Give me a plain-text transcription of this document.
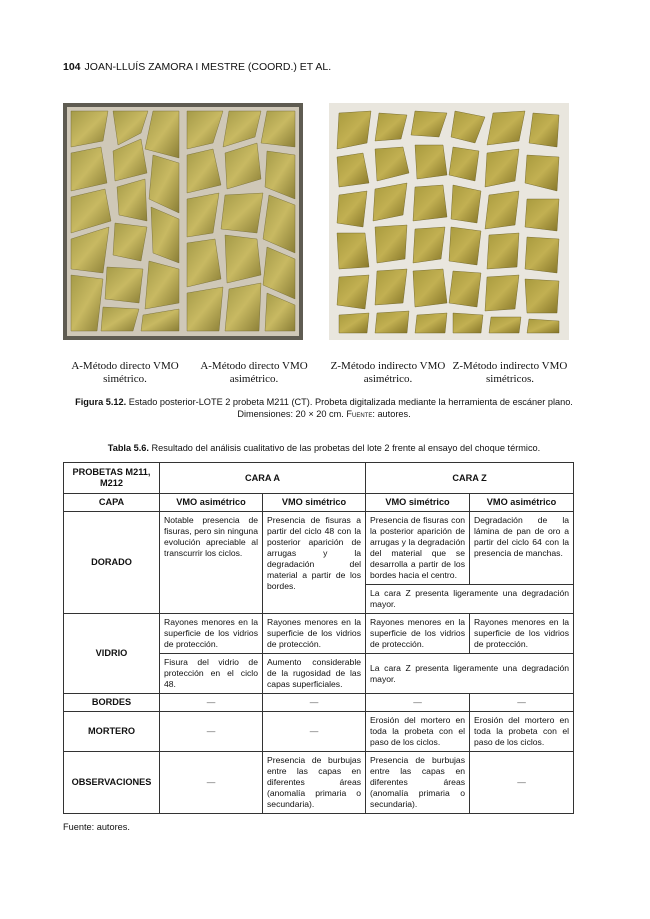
104 JOAN-LLUÍS ZAMORA I MESTRE (COORD.) ET AL.
A-Método directo VMO simétrico.
A-Método directo VMO asimétrico.
Z-Método indirecto VMO asimétrico.
Z-Método indirecto VMO simétricos.
Figura 5.12. Estado posterior-LOTE 2 probeta M211 (CT). Probeta digitalizada mediante la herramienta de escáner plano. Dimensiones: 20 × 20 cm. Fuente: autores.
Tabla 5.6. Resultado del análisis cualitativo de las probetas del lote 2 frente al ensayo del choque térmico.
PROBETAS M211, M212	CARA A		CARA Z	
CAPA	VMO asimétrico	VMO simétrico	VMO simétrico	VMO asimétrico
DORADO	Notable presencia de fisuras, pero sin ninguna evolución apreciable al transcurrir los ciclos.	Presencia de fisuras a partir del ciclo 48 con la posterior aparición de arrugas y la degradación del material a partir de los bordes.	Presencia de fisuras con la posterior aparición de arrugas y la degradación del material que se desarrolla a partir de los bordes hacia el centro.	Degradación de la lámina de pan de oro a partir del ciclo 64 con la presencia de manchas.
			La cara Z presenta ligeramente una degradación mayor.	
VIDRIO	Rayones menores en la superficie de los vidrios de protección.	Rayones menores en la superficie de los vidrios de protección.	Rayones menores en la superficie de los vidrios de protección.	Rayones menores en la superficie de los vidrios de protección.
	Fisura del vidrio de protección en el ciclo 48.	Aumento considerable de la rugosidad de las capas superficiales.	La cara Z presenta ligeramente una degradación mayor.	
BORDES	—	—	—	—
MORTERO	—	—	Erosión del mortero en toda la probeta con el paso de los ciclos.	Erosión del mortero en toda la probeta con el paso de los ciclos.
OBSERVACIONES	—	Presencia de burbujas entre las capas en diferentes áreas (anomalía primaria o secundaria).	Presencia de burbujas entre las capas en diferentes áreas (anomalía primaria o secundaria).	—
Fuente: autores.
